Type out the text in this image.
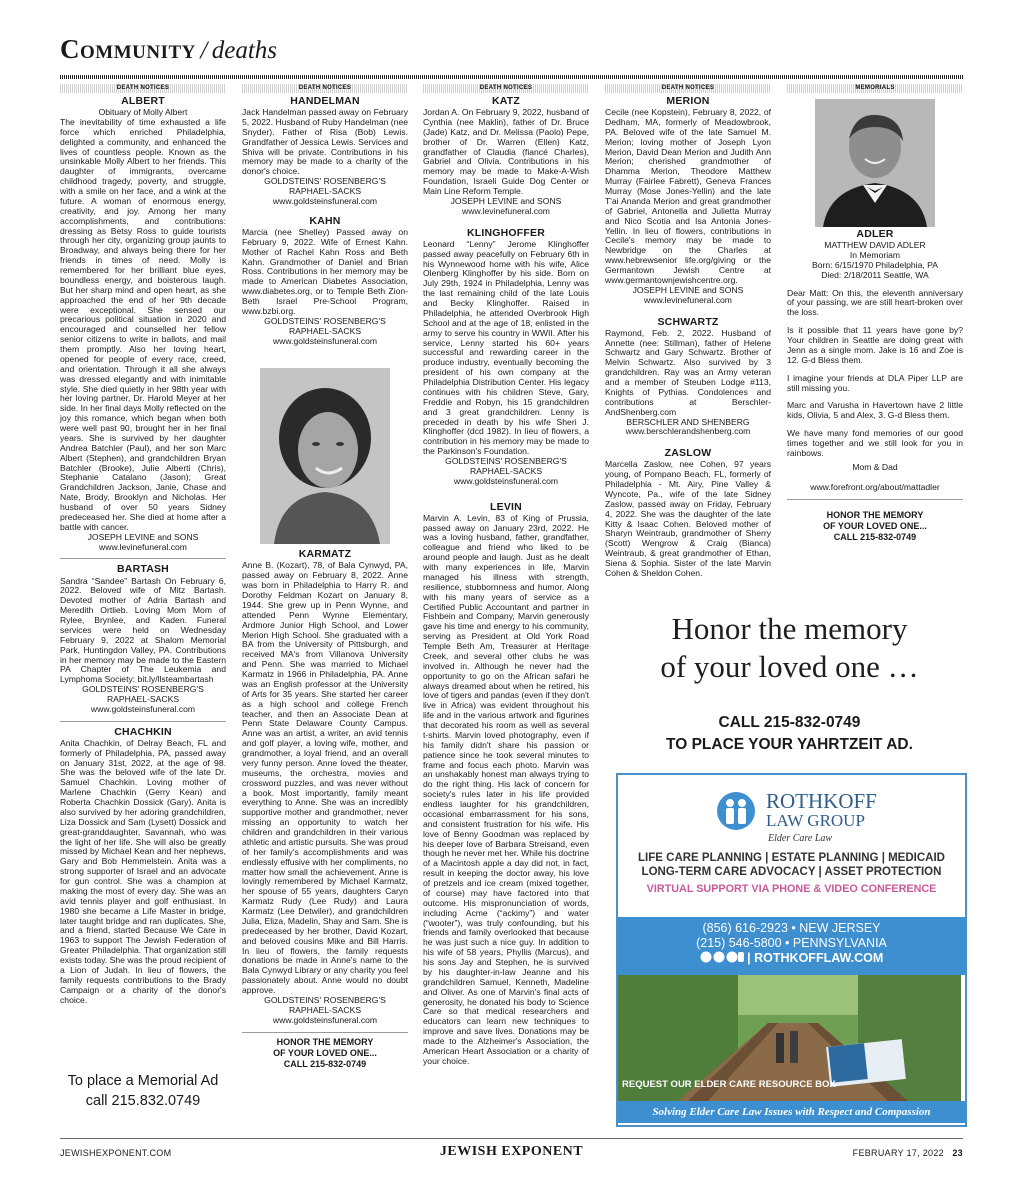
Community / deaths
DEATH NOTICES
ALBERT
Obituary of Molly Albert

The inevitability of time exhausted a life force which enriched Philadelphia, delighted a community, and enhanced the lives of countless people. Known as the unsinkable Molly Albert to her friends. This daughter of immigrants, overcame childhood tragedy, poverty, and struggle, with a smile on her face, and a wink at the future. A woman of enormous energy, creativity, and joy. Among her many accomplishments, and contributions: dressing as Betsy Ross to guide tourists through her city, organizing group jaunts to Broadway, and always being there for her friends in times of need. Molly is remembered for her brilliant blue eyes, boundless energy, and boisterous laugh. But her sharp mind and open heart, as she approached the end of her 9th decade were exceptional. She sensed our precarious political situation in 2020 and encouraged and counselled her fellow senior citizens to write in ballots, and mail them promptly. Also her loving heart, opened for people of every race, creed, and orientation. Through it all she always was dressed elegantly and with inimitable style. She died quietly in her 98th year with her loving partner, Dr. Harold Meyer at her side. In her final days Molly reflected on the joy this romance, which began when both were well past 90, brought her in her final years. She is survived by her daughter Andrea Batchler (Paul), and her son Marc Albert (Stephen), and grandchildren Bryan Batchler (Brooke), Julie Alberti (Chris), Stephanie Catalano (Jason); Great Grandchildren Jackson, Janie, Chase and Nate, Brody, Brooklyn and Nicholas. Her husband of over 50 years Sidney predeceased her. She died at home after a battle with cancer.

JOSEPH LEVINE and SONS
www.levinefuneral.com
BARTASH

Sandra “Sandee” Bartash On February 6, 2022. Beloved wife of Mitz Bartash. Devoted mother of Adria Bartash and Meredith Ortlieb. Loving Mom Mom of Rylee, Brynlee, and Kaden. Funeral services were held on Wednesday February 9, 2022 at Shalom Memorial Park, Huntingdon Valley, PA. Contributions in her memory may be made to the Eastern PA Chapter of The Leukemia and Lymphoma Society: bit.ly/llsteambartash

GOLDSTEINS' ROSENBERG'S
RAPHAEL-SACKS
www.goldsteinsfuneral.com
CHACHKIN

Anita Chachkin, of Delray Beach, FL and formerly of Philadelphia, PA, passed away on January 31st, 2022, at the age of 98. She was the beloved wife of the late Dr. Samuel Chachkin. Loving mother of Marlene Chachkin (Gerry Kean) and Roberta Chachkin Dossick (Gary). Anita is also survived by her adoring grandchildren, Liza Dossick and Sam (Lysett) Dossick and great-granddaughter, Savannah, who was the light of her life. She will also be greatly missed by Michael Kean and her nephews, Gary and Bob Hemmelstein. Anita was a strong supporter of Israel and an advocate for gun control. She was a champion at making the most of every day. She was an avid tennis player and golf enthusiast. In 1980 she became a Life Master in bridge, later taught bridge and ran duplicates. She, and a friend, started Because We Care in 1963 to support The Jewish Federation of Greater Philadelphia. That organization still exists today. She was the proud recipient of a Lion of Judah. In lieu of flowers, the family requests contributions to the Brady Campaign or a charity of the donor's choice.

To place a Memorial Ad
call 215.832.0749
DEATH NOTICES
HANDELMAN

Jack Handelman passed away on February 5, 2022. Husband of Ruby Handelman (nee Snyder). Father of Risa (Bob) Lewis. Grandfather of Jessica Lewis. Services and Shiva will be private. Contributions in his memory may be made to a charity of the donor's choice.

GOLDSTEINS' ROSENBERG'S
RAPHAEL-SACKS
www.goldsteinsfuneral.com
KAHN

Marcia (nee Shelley) Passed away on February 9, 2022. Wife of Ernest Kahn. Mother of Rachel Kahn Ross and Beth Kahn. Grandmother of Daniel and Brian Ross. Contributions in her memory may be made to American Diabetes Association, www.diabetes.org, or to Temple Beth Zion-Beth Israel Pre-School Program, www.bzbi.org.

GOLDSTEINS' ROSENBERG'S
RAPHAEL-SACKS
www.goldsteinsfuneral.com
KARMATZ

Anne B. (Kozart), 78, of Bala Cynwyd, PA, passed away on February 8, 2022. Anne was born in Philadelphia to Harry R. and Dorothy Feldman Kozart on January 8, 1944. She grew up in Penn Wynne, and attended Penn Wynne Elementary, Ardmore Junior High School, and Lower Merion High School. She graduated with a BA from the University of Pittsburgh, and received MA's from Villanova University and Penn. She was married to Michael Karmatz in 1966 in Philadelphia, PA. Anne was an English professor at the University of Arts for 35 years. She started her career as a high school and college French teacher, and then an Associate Dean at Penn State Delaware County Campus. Anne was an artist, a writer, an avid tennis and golf player, a loving wife, mother, and grandmother, a loyal friend, and an overall very funny person. Anne loved the theater, museums, the orchestra, movies and crossword puzzles, and was never without a book. Most importantly, family meant everything to Anne. She was an incredibly supportive mother and grandmother, never missing an opportunity to watch her children and grandchildren in their various athletic and artistic pursuits. She was proud of her family's accomplishments and was endlessly effusive with her compliments, no matter how small the achievement. Anne is lovingly remembered by Michael Karmatz, her spouse of 55 years, daughters Caryn Karmatz Rudy (Lee Rudy) and Laura Karmatz (Lee Detwiler), and grandchildren Julia, Eliza, Madelin, Shay and Sam. She is predeceased by her brother, David Kozart, and beloved cousins Mike and Bill Harris. In lieu of flowers, the family requests donations be made in Anne's name to the Bala Cynwyd Library or any charity you feel passionately about. Anne would no doubt approve.

GOLDSTEINS' ROSENBERG'S
RAPHAEL-SACKS
www.goldsteinsfuneral.com
HONOR THE MEMORY
OF YOUR LOVED ONE...
CALL 215-832-0749
DEATH NOTICES
KATZ

Jordan A. On February 9, 2022, husband of Cynthia (nee Maklin), father of Dr. Bruce (Jade) Katz, and Dr. Melissa (Paolo) Pepe, brother of Dr. Warren (Ellen) Katz, grandfather of Claudia (fiancé Charles), Gabriel and Olivia. Contributions in his memory may be made to Make-A-Wish Foundation, Israeli Guide Dog Center or Main Line Reform Temple.

JOSEPH LEVINE and SONS
www.levinefuneral.com
KLINGHOFFER

Leonard “Lenny” Jerome Klinghoffer passed away peacefully on February 6th in his Wynnewood home with his wife, Alice Olenberg Klinghoffer by his side. Born on July 29th, 1924 in Philadelphia, Lenny was the last remaining child of the late Louis and Becky Klinghoffer. Raised in Philadelphia, he attended Overbrook High School and at the age of 18, enlisted in the army to serve his country in WWII. After his service, Lenny started his 60+ years successful and rewarding career in the produce industry, eventually becoming the president of his own company at the Philadelphia Distribution Center. His legacy continues with his children Steve, Gary, Freddie and Robyn, his 15 grandchildren and 3 great grandchildren. Lenny is preceded in death by his wife Sheri J. Klinghoffer (dcd 1982). In lieu of flowers, a contribution in his memory may be made to the Parkinson's Foundation.

GOLDSTEINS' ROSENBERG'S
RAPHAEL-SACKS
www.goldsteinsfuneral.com
LEVIN

Marvin A. Levin, 83 of King of Prussia, passed away on January 23rd, 2022. He was a loving husband, father, grandfather, colleague and friend who liked to be around people and laugh. Just as he dealt with many experiences in life, Marvin managed his illness with strength, resilience, stubbornness and humor. Along with his many years of service as a Certified Public Accountant and partner in Fishbein and Company, Marvin generously gave his time and energy to his community, serving as President at Old York Road Temple Beth Am, Treasurer at Heritage Creek, and several other clubs he was involved in. Although he never had the opportunity to go on the African safari he always dreamed about when he retired, his love of tigers and pandas (even if they don't live in Africa) was evident throughout his life and in the various artwork and figurines that decorated his room as well as several t-shirts. Marvin loved photography, even if his family didn't share his passion or patience since he took several minutes to frame and focus each photo. Marvin was an unshakably honest man always trying to do the right thing. His lack of concern for society's rules later in his life provided endless laughter for his grandchildren, occasional embarrassment for his sons, and consistent frustration for his wife. His love of Benny Goodman was replaced by his deeper love of Barbara Streisand, even though he never met her. While his doctrine of a Macintosh apple a day did not, in fact, result in keeping the doctor away, his love of pretzels and ice cream (mixed together, of course) may have factored into that outcome. His mispronunciation of words, including Acme (“ackimy”) and water (“wooter”), was truly confounding, but his friends and family overlooked that because he was just such a nice guy. In addition to his wife of 58 years, Phyllis (Marcus), and his sons Jay and Stephen, he is survived by his daughter-in-law Jeanne and his grandchildren Samuel, Kenneth, Madeline and Oliver. As one of Marvin's final acts of generosity, he donated his body to Science Care so that medical researchers and educators can learn new techniques to improve and save lives. Donations may be made to the Alzheimer's Association, the American Heart Association or a charity of your choice.

DEATH NOTICES
MERION

Cecile (nee Kopstein), February 8, 2022, of Dedham, MA, formerly of Meadowbrook, PA. Beloved wife of the late Samuel M. Merion; loving mother of Joseph Lyon Merion, David Dean Merion and Judith Ann Merion; cherished grandmother of Dhamma Merion, Theodore Matthew Murray (Fairlee Fabrett), Geneva Frances Murray (Mose Jones-Yellin) and the late T'ai Ananda Merion and great grandmother of Gabriel, Antonella and Julietta Murray and Nico Scotia and Isa Antonia Jones-Yellin. In lieu of flowers, contributions in Cecile's memory may be made to Newbridge on the Charles at www.hebrewsenior life.org/giving or the Germantown Jewish Centre at www.germantownjewishcentre.org.

JOSEPH LEVINE and SONS
www.levinefuneral.com
SCHWARTZ

Raymond, Feb. 2, 2022. Husband of Annette (nee: Stillman), father of Helene Schwartz and Gary Schwartz. Brother of Melvin Schwartz. Also survived by 3 grandchildren. Ray was an Army veteran and a member of Steuben Lodge #113, Knights of Pythias. Condolences and contributions at Berschler-AndShenberg.com

BERSCHLER AND SHENBERG
www.berschlerandshenberg.com
ZASLOW

Marcella Zaslow, nee Cohen, 97 years young, of Pompano Beach, FL, formerly of Philadelphia - Mt. Airy, Pine Valley & Wyncote, Pa., wife of the late Sidney Zaslow, passed away on Friday, February 4, 2022. She was the daughter of the late Kitty & Isaac Cohen. Beloved mother of Sharyn Weintraub, grandmother of Sherry (Scott) Wengrow & Craig (Bianca) Weintraub, & great grandmother of Ethan, Siena & Sophia. Sister of the late Marvin Cohen & Sheldon Cohen.

MEMORIALS
ADLER
MATTHEW DAVID ADLER
In Memoriam
Born: 6/15/1970 Philadelphia, PA
Died: 2/18/2011 Seattle, WA

Dear Matt: On this, the eleventh anniversary of your passing, we are still heart-broken over the loss.

Is it possible that 11 years have gone by? Your children in Seattle are doing great with Jenn as a single mom. Jake is 16 and Zoe is 12. G-d Bless them.

I imagine your friends at DLA Piper LLP are still missing you.

Marc and Varusha in Havertown have 2 little kids, Olivia, 5 and Alex, 3. G-d Bless them.

We have many fond memories of our good times together and we still look for you in rainbows.

Mom & Dad
www.forefront.org/about/mattadler
HONOR THE MEMORY
OF YOUR LOVED ONE...
CALL 215-832-0749
Honor the memory
of your loved one …
CALL 215-832-0749
TO PLACE YOUR YAHRTZEIT AD.
ROTHKOFF
LAW GROUP
Elder Care Law
LIFE CARE PLANNING | ESTATE PLANNING | MEDICAID
LONG-TERM CARE ADVOCACY | ASSET PROTECTION
VIRTUAL SUPPORT VIA PHONE & VIDEO CONFERENCE
(856) 616-2923 • NEW JERSEY
(215) 546-5800 • PENNSYLVANIA
| ROTHKOFFLAW.COM
REQUEST OUR ELDER CARE RESOURCE BOX
Solving Elder Care Law Issues with Respect and Compassion
JEWISHEXPONENT.COM	JEWISH EXPONENT	FEBRUARY 17, 2022 23
